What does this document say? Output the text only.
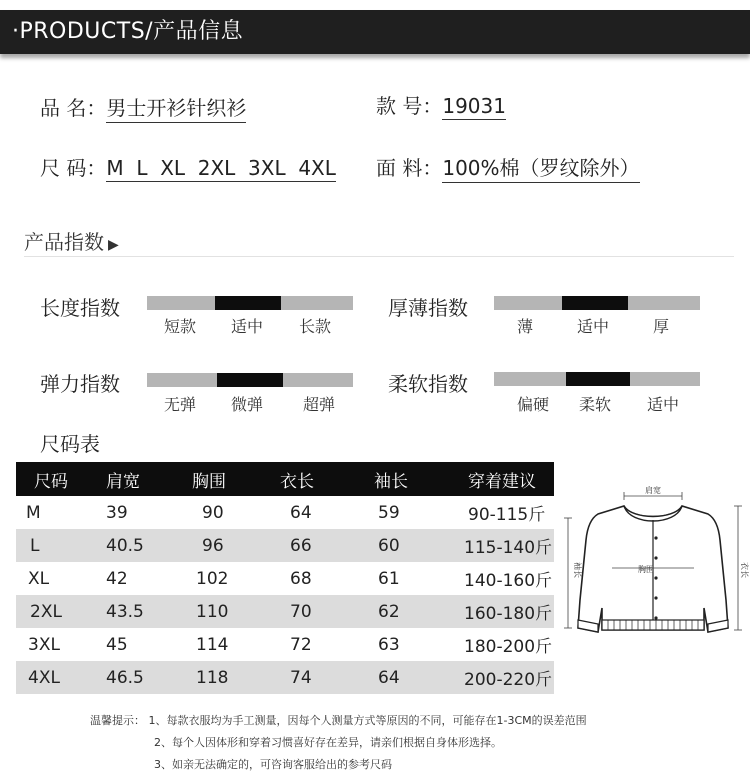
·PRODUCTS/产品信息
品 名：男士开衫针织衫	款 号：19031
尺 码：M  L  XL  2XL  3XL  4XL 面 料：100%棉（罗纹除外）
产品指数 ▶
长度指数
短款	适中	长款
厚薄指数
薄	适中	厚
弹力指数
无弹	微弹	超弹
柔软指数
偏硬	柔软	适中
尺码表
尺码	肩宽	胸围	衣长	袖长	穿着建议
M	39	90	64	59	90-115斤
L	40.5	96	66	60	115-140斤
XL	42	102	68	61	140-160斤
2XL	43.5	110	70	62	160-180斤
3XL	45	114	72	63	180-200斤
4XL	46.5	118	74	64	200-220斤
肩宽
胸围
袖长	衣长
温馨提示： 1、每款衣服均为手工测量，因每个人测量方式等原因的不同，可能存在1-3CM的误差范围
2、每个人因体形和穿着习惯喜好存在差异，请亲们根据自身体形选择。
3、如亲无法确定的，可咨询客服给出的参考尺码
